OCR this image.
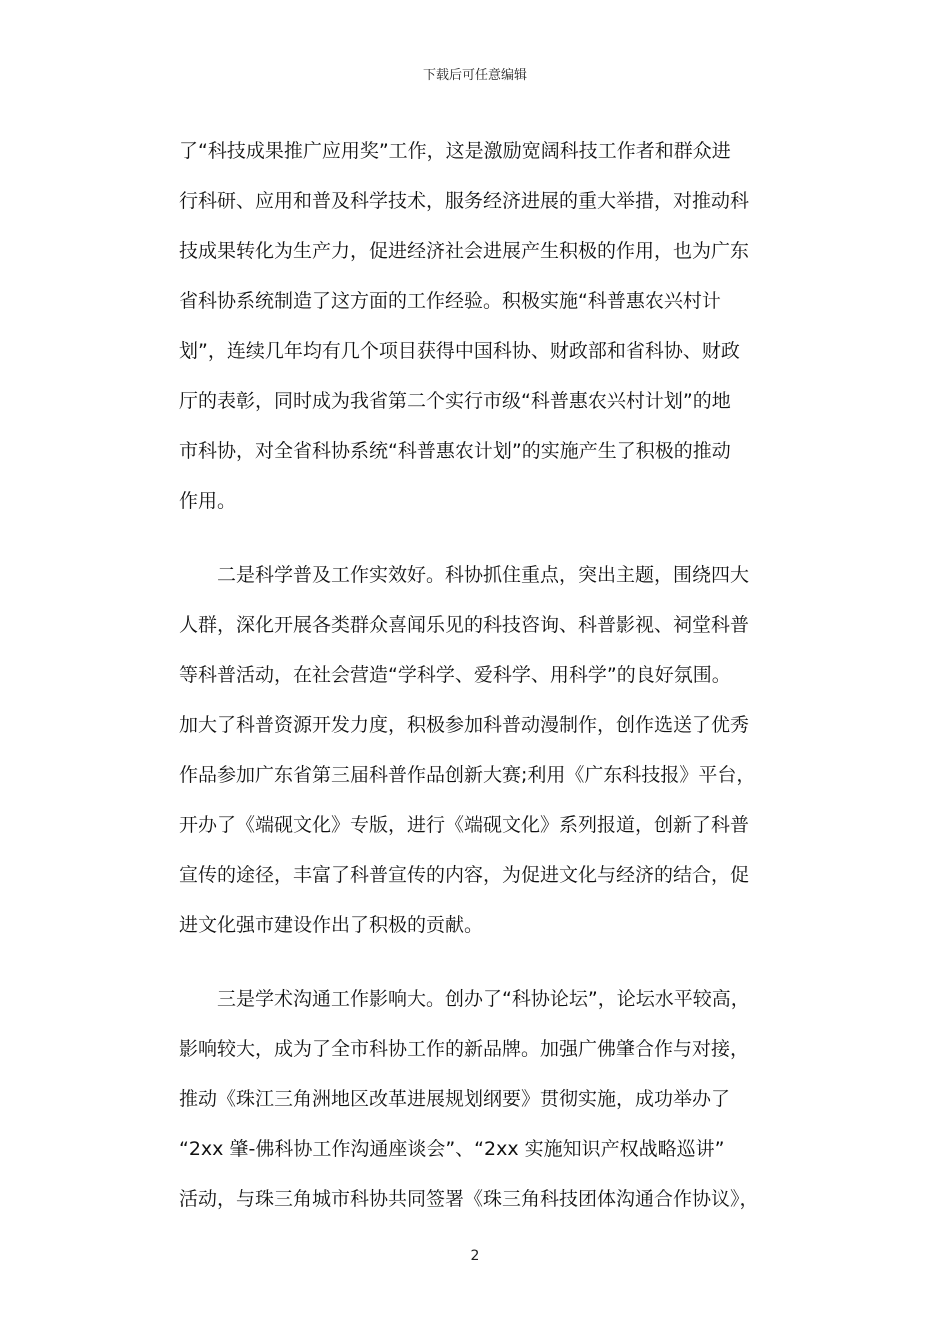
下载后可任意编辑
了“科技成果推广应用奖”工作，这是激励宽阔科技工作者和群众进
行科研、应用和普及科学技术，服务经济进展的重大举措，对推动科
技成果转化为生产力，促进经济社会进展产生积极的作用，也为广东
省科协系统制造了这方面的工作经验。积极实施“科普惠农兴村计
划”，连续几年均有几个项目获得中国科协、财政部和省科协、财政
厅的表彰，同时成为我省第二个实行市级“科普惠农兴村计划”的地
市科协，对全省科协系统“科普惠农计划”的实施产生了积极的推动
作用。
二是科学普及工作实效好。科协抓住重点，突出主题，围绕四大
人群，深化开展各类群众喜闻乐见的科技咨询、科普影视、祠堂科普
等科普活动，在社会营造“学科学、爱科学、用科学”的良好氛围。
加大了科普资源开发力度，积极参加科普动漫制作，创作选送了优秀
作品参加广东省第三届科普作品创新大赛;利用《广东科技报》平台，
开办了《端砚文化》专版，进行《端砚文化》系列报道，创新了科普
宣传的途径，丰富了科普宣传的内容，为促进文化与经济的结合，促
进文化强市建设作出了积极的贡献。
三是学术沟通工作影响大。创办了“科协论坛”，论坛水平较高，
影响较大，成为了全市科协工作的新品牌。加强广佛肇合作与对接，
推动《珠江三角洲地区改革进展规划纲要》贯彻实施，成功举办了
“2xx 肇-佛科协工作沟通座谈会”、“2xx 实施知识产权战略巡讲”
活动，与珠三角城市科协共同签署《珠三角科技团体沟通合作协议》，
2
